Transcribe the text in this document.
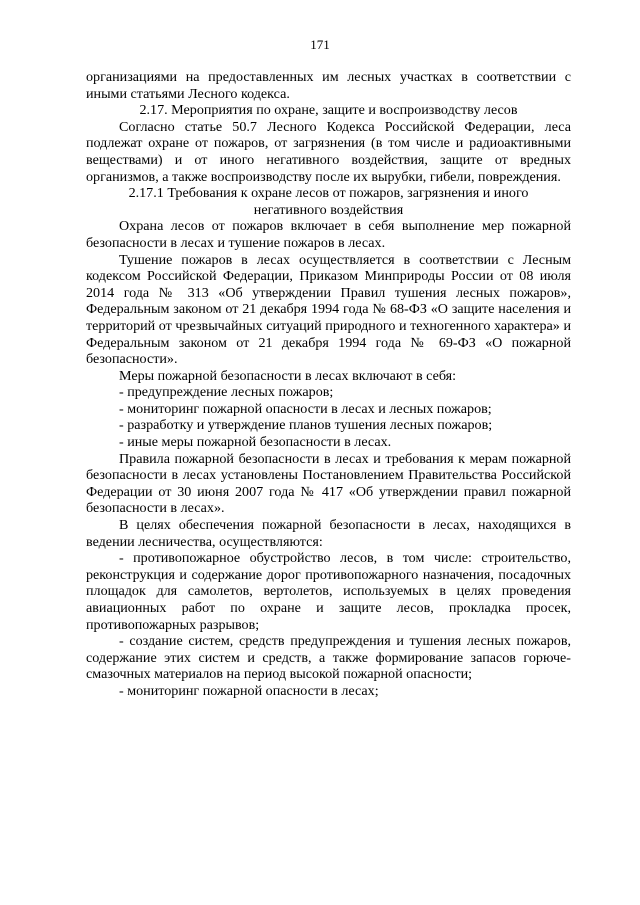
171

организациями на предоставленных им лесных участках в соответствии с иными статьями Лесного кодекса.

2.17. Мероприятия по охране, защите и воспроизводству лесов

Согласно статье 50.7 Лесного Кодекса Российской Федерации, леса подлежат охране от пожаров, от загрязнения (в том числе и радиоактивными веществами) и от иного негативного воздействия, защите от вредных организмов, а также воспроизводству после их вырубки, гибели, повреждения.

2.17.1 Требования к охране лесов от пожаров, загрязнения и иного
негативного воздействия

Охрана лесов от пожаров включает в себя выполнение мер пожарной безопасности в лесах и тушение пожаров в лесах.

Тушение пожаров в лесах осуществляется в соответствии с Лесным кодексом Российской Федерации, Приказом Минприроды России от 08 июля 2014 года № 313 «Об утверждении Правил тушения лесных пожаров», Федеральным законом от 21 декабря 1994 года № 68-ФЗ «О защите населения и территорий от чрезвычайных ситуаций природного и техногенного характера» и Федеральным законом от 21 декабря 1994 года № 69-ФЗ «О пожарной безопасности».

Меры пожарной безопасности в лесах включают в себя:

- предупреждение лесных пожаров;

- мониторинг пожарной опасности в лесах и лесных пожаров;

- разработку и утверждение планов тушения лесных пожаров;

- иные меры пожарной безопасности в лесах.

Правила пожарной безопасности в лесах и требования к мерам пожарной безопасности в лесах установлены Постановлением Правительства Российской Федерации от 30 июня 2007 года № 417 «Об утверждении правил пожарной безопасности в лесах».

В целях обеспечения пожарной безопасности в лесах, находящихся в ведении лесничества, осуществляются:

- противопожарное обустройство лесов, в том числе: строительство, реконструкция и содержание дорог противопожарного назначения, посадочных площадок для самолетов, вертолетов, используемых в целях проведения авиационных работ по охране и защите лесов, прокладка просек, противопожарных разрывов;

- создание систем, средств предупреждения и тушения лесных пожаров, содержание этих систем и средств, а также формирование запасов горюче-смазочных материалов на период высокой пожарной опасности;

- мониторинг пожарной опасности в лесах;
